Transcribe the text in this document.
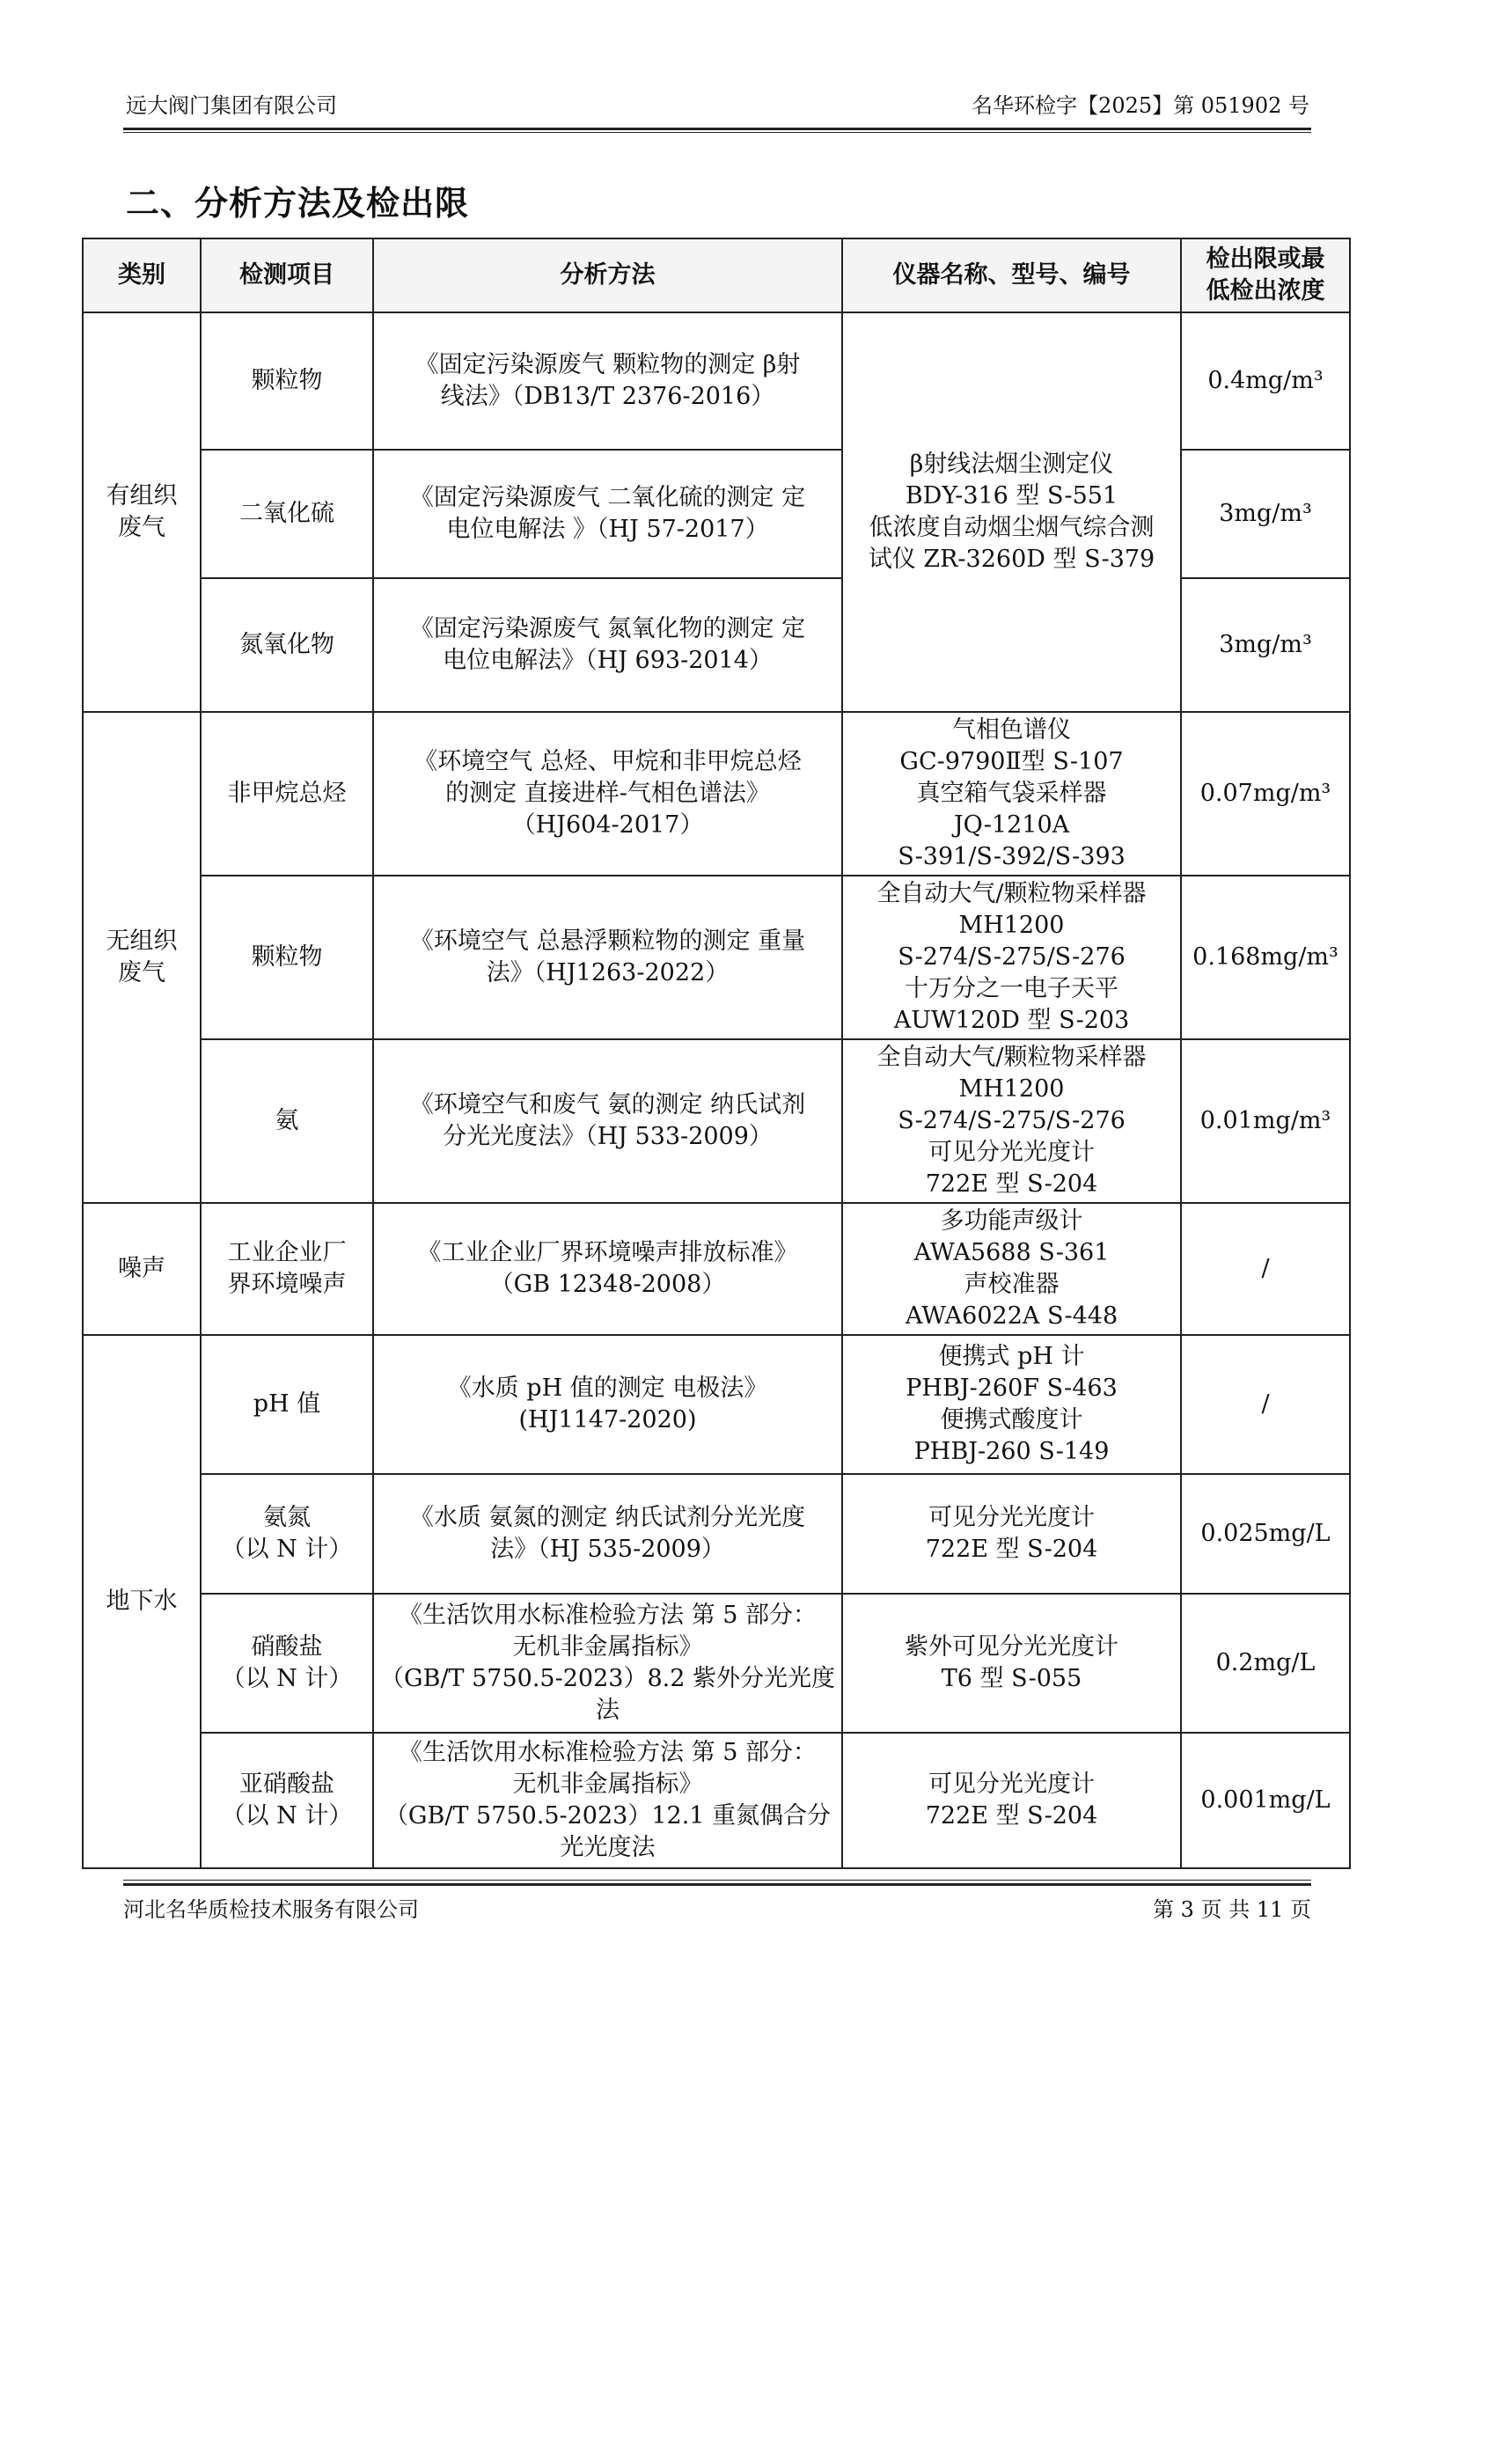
远大阀门集团有限公司	名华环检字【2025】第 051902 号
二、分析方法及检出限
类别	检测项目	分析方法	仪器名称、型号、编号	检出限或最
低检出浓度
有组织
废气	颗粒物	《固定污染源废气 颗粒物的测定 β射
线法》（DB13/T 2376-2016）	β射线法烟尘测定仪
BDY-316 型 S-551
低浓度自动烟尘烟气综合测
试仪 ZR-3260D 型 S-379	0.4mg/m³
	二氧化硫	《固定污染源废气 二氧化硫的测定 定
电位电解法 》（HJ 57-2017）		3mg/m³
	氮氧化物	《固定污染源废气 氮氧化物的测定 定
电位电解法》（HJ 693-2014）		3mg/m³
无组织
废气	非甲烷总烃	《环境空气 总烃、甲烷和非甲烷总烃
的测定 直接进样-气相色谱法》
（HJ604-2017）	气相色谱仪
GC-9790Ⅱ型 S-107
真空箱气袋采样器
JQ-1210A
S-391/S-392/S-393	0.07mg/m³
	颗粒物	《环境空气 总悬浮颗粒物的测定 重量
法》（HJ1263-2022）	全自动大气/颗粒物采样器
MH1200
S-274/S-275/S-276
十万分之一电子天平
AUW120D 型 S-203	0.168mg/m³
	氨	《环境空气和废气 氨的测定 纳氏试剂
分光光度法》（HJ 533-2009）	全自动大气/颗粒物采样器
MH1200
S-274/S-275/S-276
可见分光光度计
722E 型 S-204	0.01mg/m³
噪声	工业企业厂
界环境噪声	《工业企业厂界环境噪声排放标准》
（GB 12348-2008）	多功能声级计
AWA5688 S-361
声校准器
AWA6022A S-448	/
地下水	pH 值	《水质 pH 值的测定 电极法》
(HJ1147-2020)	便携式 pH 计
PHBJ-260F S-463
便携式酸度计
PHBJ-260 S-149	/
	氨氮
（以 N 计）	《水质 氨氮的测定 纳氏试剂分光光度
法》（HJ 535-2009）	可见分光光度计
722E 型 S-204	0.025mg/L
	硝酸盐
（以 N 计）	《生活饮用水标准检验方法 第 5 部分：
无机非金属指标》
（GB/T 5750.5-2023）8.2 紫外分光光度
法	紫外可见分光光度计
T6 型 S-055	0.2mg/L
	亚硝酸盐
（以 N 计）	《生活饮用水标准检验方法 第 5 部分：
无机非金属指标》
（GB/T 5750.5-2023）12.1 重氮偶合分
光光度法	可见分光光度计
722E 型 S-204	0.001mg/L
河北名华质检技术服务有限公司	第 3 页 共 11 页
